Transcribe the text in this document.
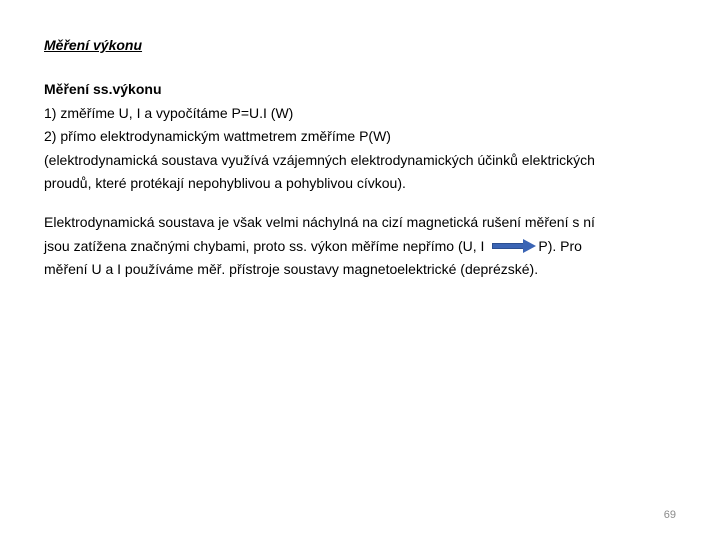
Měření výkonu
Měření ss.výkonu
1) změříme U, I a vypočítáme P=U.I (W)
2) přímo elektrodynamickým wattmetrem změříme P(W)
(elektrodynamická soustava využívá vzájemných elektrodynamických účinků elektrických
proudů, které protékají nepohyblivou a pohyblivou cívkou).
Elektrodynamická soustava je však velmi náchylná na cizí magnetická rušení měření s ní
jsou zatížena značnými chybami, proto ss. výkon měříme nepřímo (U, I	P). Pro
měření U a I používáme měř. přístroje soustavy magnetoelektrické (deprézské).
69
